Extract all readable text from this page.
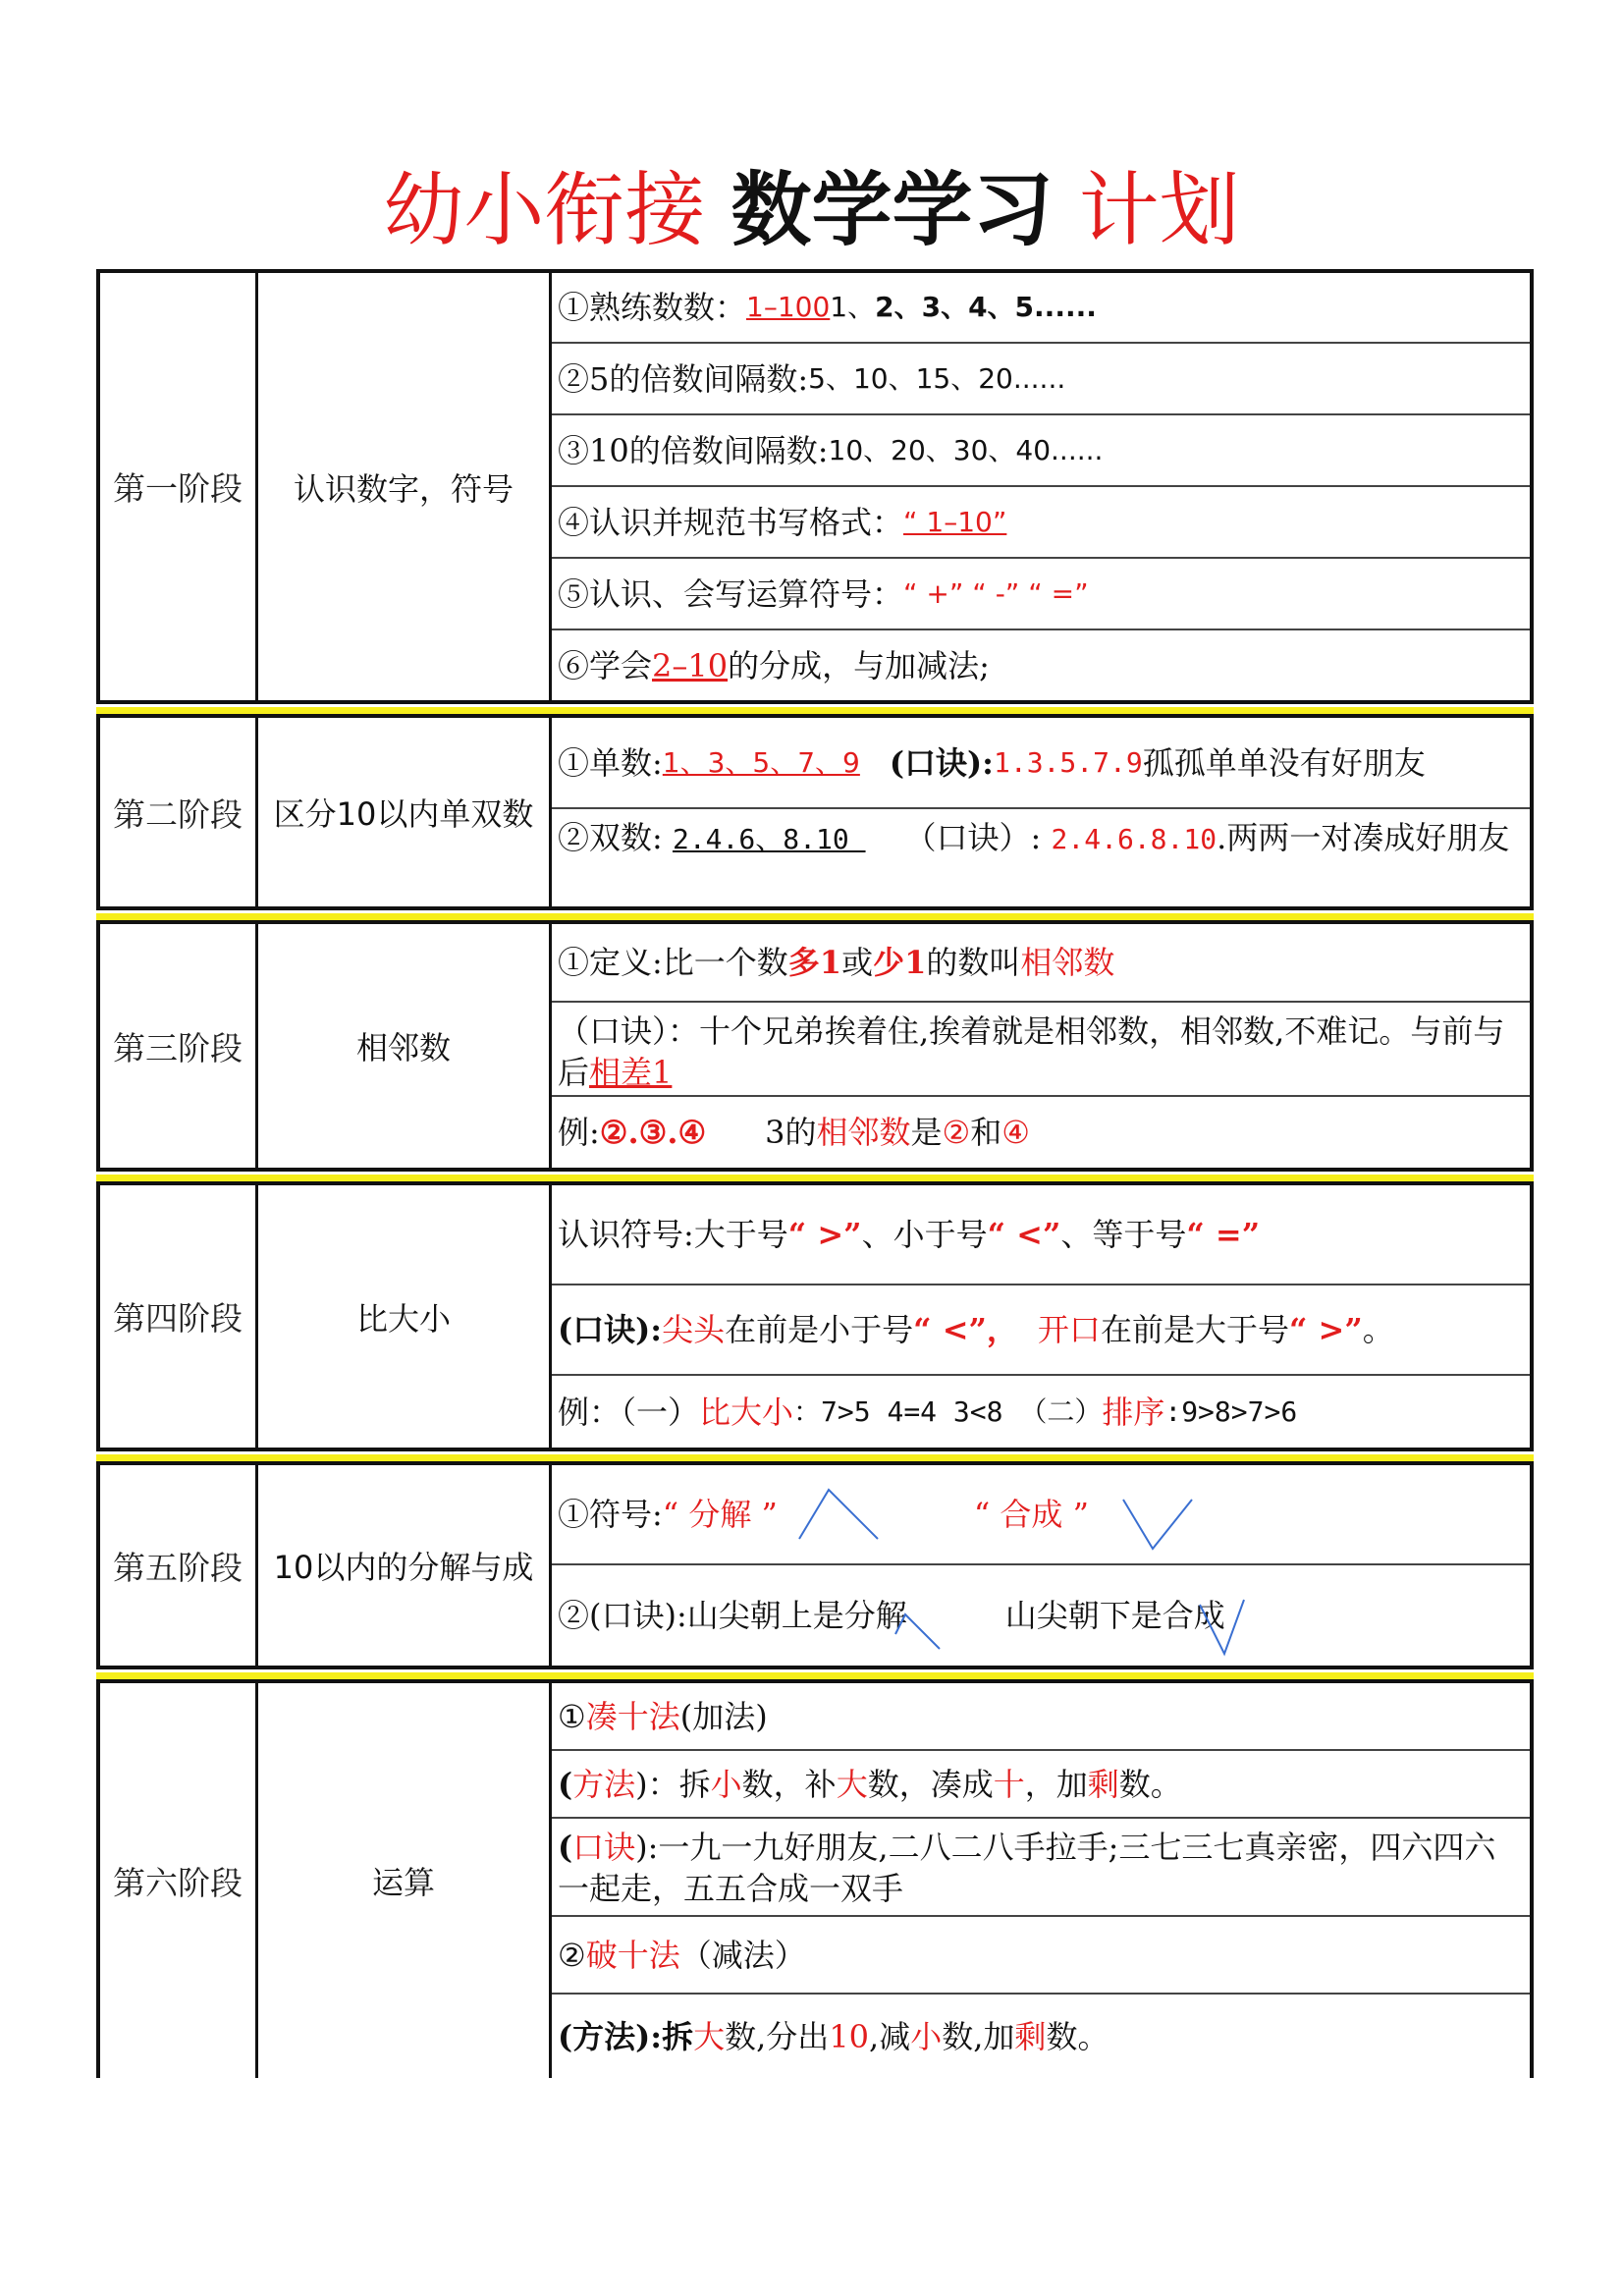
幼小衔接 数学学习 计划
第一阶段	认识数字，符号
①熟练数数： 1–100 1、 2、3、4、5......
②5的倍数间隔数: 5、10、15、20......
③10的倍数间隔数: 10、20、30、40......
④认识并规范书写格式： “ 1–10”
⑤认识、会写运算符号： “ +” “ -” “ =”
⑥学会 2–10 的分成，与加减法;
第二阶段 区分10以内单双数
①单数: 1、3、5、7、9 (口诀): 1.3.5.7.9 孤孤单单没有好朋友
②双数: 2.4.6、8.10 （口诀）: 2.4.6.8.10.两两一对凑成好朋友
第三阶段	相邻数
①定义:比一个数 多1 或 少1 的数叫 相邻数
（口诀）：十个兄弟挨着住,挨着就是相邻数，相邻数,不难记。与前与后相差1
例: ②.③.④ 3的 相邻数 是 ② 和 ④
第四阶段	比大小
认识符号:大于号 “ >” 、小于号 “ <” 、等于号 “ =”
(口诀): 尖头 在前是小于号 “ <”， 开口 在前是大于号 “ >” 。
例：（一） 比大小 ：7>5 4=4 3<8 （二） 排序 :9>8>7>6
第五阶段 10以内的分解与成
①符号: “ 分解 ”	“ 合成 ”
②(口诀):山尖朝上是分解	山尖朝下是合成
第六阶段	运算
① 凑十法 (加法)
( 方法 )：拆 小 数，补 大 数，凑成 十 ，加 剩 数。
(口诀):一九一九好朋友,二八二八手拉手;三七三七真亲密，四六四六一起走，五五合成一双手
② 破十法 （减法）
(方法):拆 大 数,分出 10 ,减 小 数,加 剩 数。
